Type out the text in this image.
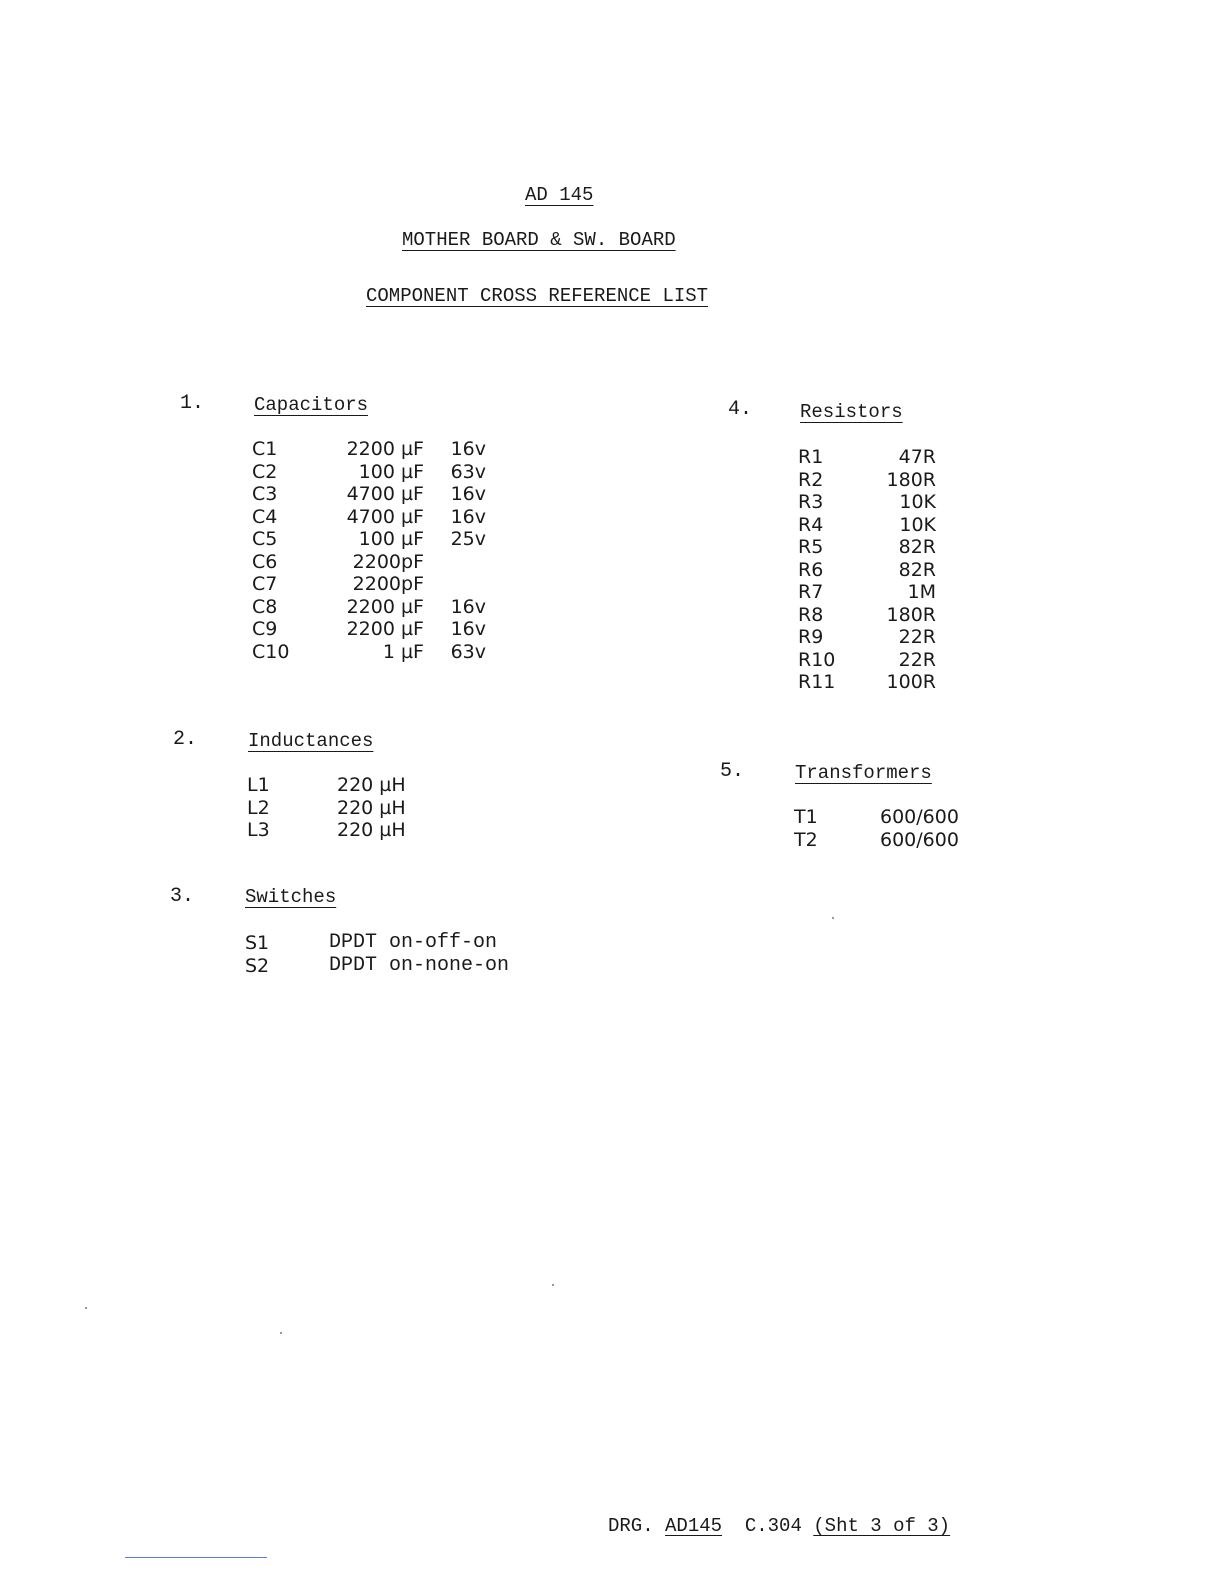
AD 145
MOTHER BOARD & SW. BOARD
COMPONENT CROSS REFERENCE LIST
1.	Capacitors
C1	2200 µF	16v
C2	100 µF	63v
C3	4700 µF	16v
C4	4700 µF	16v
C5	100 µF	25v
C6	2200pF	
C7	2200pF	
C8	2200 µF	16v
C9	2200 µF	16v
C10	1 µF	63v
2.	Inductances
L1	220 µH
L2	220 µH
L3	220 µH
3.	Switches
S1	DPDT on-off-on
S2	DPDT on-none-on
4.	Resistors
R1	47R
R2	180R
R3	10K
R4	10K
R5	82R
R6	82R
R7	1M
R8	180R
R9	22R
R10	22R
R11	100R
5.	Transformers
T1	600/600
T2	600/600
DRG. AD145 C.304 (Sht 3 of 3)
